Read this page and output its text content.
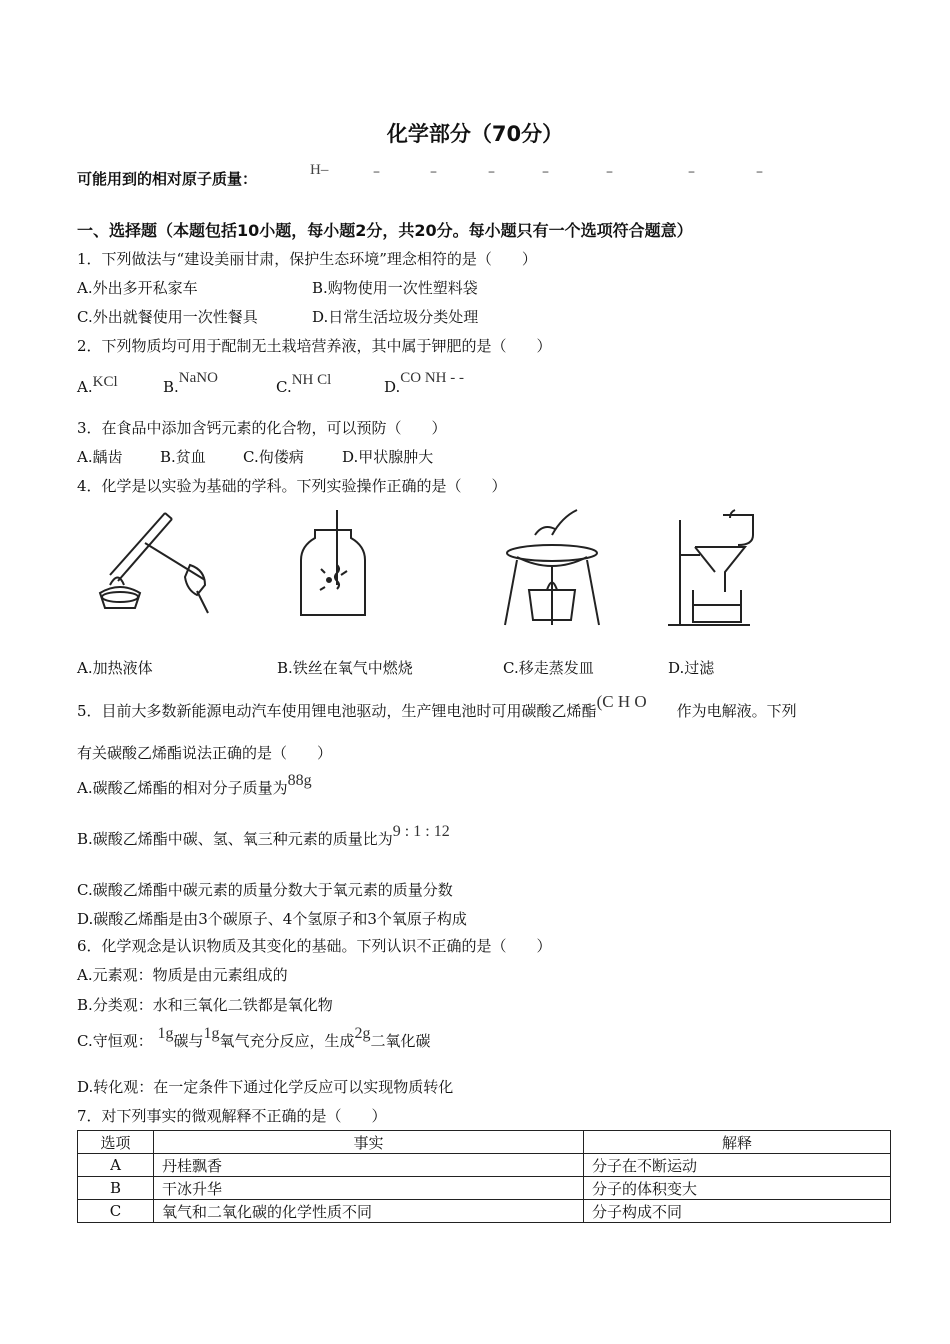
化学部分（70分）
可能用到的相对原子质量：	H–	–	–	–	–	–	–	–
一、选择题（本题包括10小题，每小题2分，共20分。每小题只有一个选项符合题意）
1．下列做法与“建设美丽甘肃，保护生态环境”理念相符的是（　　）
A.外出多开私家车	B.购物使用一次性塑料袋
C.外出就餐使用一次性餐具	D.日常生活垃圾分类处理
2．下列物质均可用于配制无土栽培营养液，其中属于钾肥的是（　　）
A.KCl	B.NaNO	C.NH Cl	D.CO NH - -
3．在食品中添加含钙元素的化合物，可以预防（　　）
A.龋齿 B.贫血 C.佝偻病	D.甲状腺肿大
4．化学是以实验为基础的学科。下列实验操作正确的是（　　）
A.加热液体	B.铁丝在氧气中燃烧	C.移走蒸发皿	D.过滤
5．目前大多数新能源电动汽车使用锂电池驱动，生产锂电池时可用碳酸乙烯酯(C H O 作为电解液。下列
有关碳酸乙烯酯说法正确的是（　　）
A.碳酸乙烯酯的相对分子质量为88g
B.碳酸乙烯酯中碳、氢、氧三种元素的质量比为9 : 1 : 12
C.碳酸乙烯酯中碳元素的质量分数大于氧元素的质量分数
D.碳酸乙烯酯是由3个碳原子、4个氢原子和3个氧原子构成
6．化学观念是认识物质及其变化的基础。下列认识不正确的是（　　）
A.元素观：物质是由元素组成的
B.分类观：水和三氧化二铁都是氧化物
C.守恒观： 1g碳与1g氧气充分反应，生成2g二氧化碳
D.转化观：在一定条件下通过化学反应可以实现物质转化
7．对下列事实的微观解释不正确的是（　　）
选项	事实	解释
A	丹桂飘香	分子在不断运动
B	干冰升华	分子的体积变大
C	氧气和二氧化碳的化学性质不同	分子构成不同
